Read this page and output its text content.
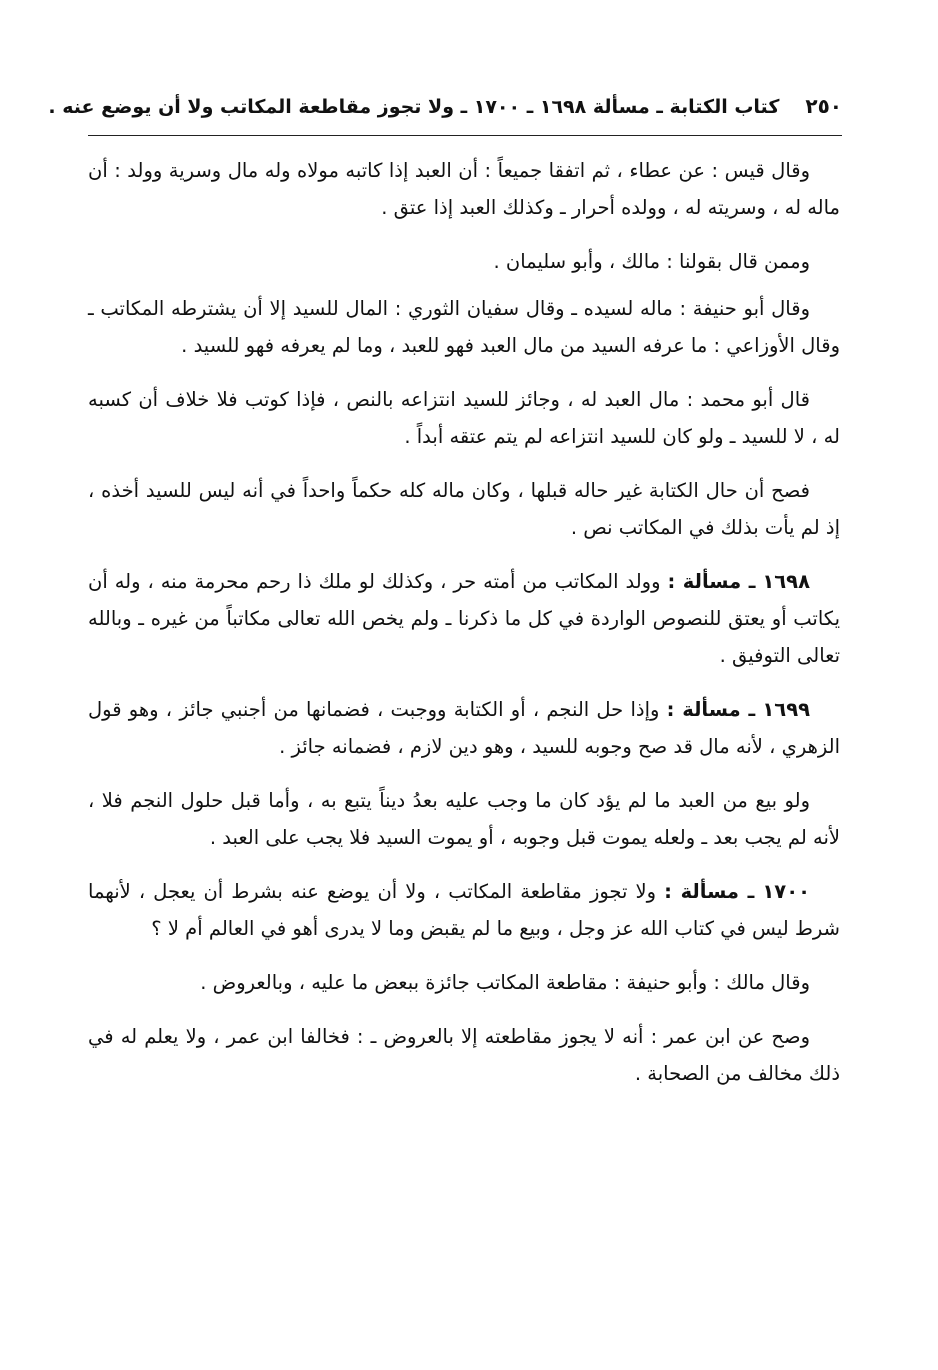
٢٥٠
كتاب الكتابة ـ مسألة ١٦٩٨ ـ ١٧٠٠ ـ ولا تجوز مقاطعة المكاتب ولا أن يوضع عنه .

وقال قيس : عن عطاء ، ثم اتفقا جميعاً : أن العبد إذا كاتبه مولاه وله مال وسرية وولد : أن ماله له ، وسريته له ، وولده أحرار ـ وكذلك العبد إذا عتق .

وممن قال بقولنا : مالك ، وأبو سليمان .

وقال أبو حنيفة : ماله لسيده ـ وقال سفيان الثوري : المال للسيد إلا أن يشترطه المكاتب ـ وقال الأوزاعي : ما عرفه السيد من مال العبد فهو للعبد ، وما لم يعرفه فهو للسيد .

قال أبو محمد : مال العبد له ، وجائز للسيد انتزاعه بالنص ، فإذا كوتب فلا خلاف أن كسبه له ، لا للسيد ـ ولو كان للسيد انتزاعه لم يتم عتقه أبداً .

فصح أن حال الكتابة غير حاله قبلها ، وكان ماله كله حكماً واحداً في أنه ليس للسيد أخذه ، إذ لم يأت بذلك في المكاتب نص .

١٦٩٨ ـ مسألة : وولد المكاتب من أمته حر ، وكذلك لو ملك ذا رحم محرمة منه ، وله أن يكاتب أو يعتق للنصوص الواردة في كل ما ذكرنا ـ ولم يخص الله تعالى مكاتباً من غيره ـ وبالله تعالى التوفيق .

١٦٩٩ ـ مسألة : وإذا حل النجم ، أو الكتابة ووجبت ، فضمانها من أجنبي جائز ، وهو قول الزهري ، لأنه مال قد صح وجوبه للسيد ، وهو دين لازم ، فضمانه جائز .

ولو بيع من العبد ما لم يؤد كان ما وجب عليه بعدُ ديناً يتبع به ، وأما قبل حلول النجم فلا ، لأنه لم يجب بعد ـ ولعله يموت قبل وجوبه ، أو يموت السيد فلا يجب على العبد .

١٧٠٠ ـ مسألة : ولا تجوز مقاطعة المكاتب ، ولا أن يوضع عنه بشرط أن يعجل ، لأنهما شرط ليس في كتاب الله عز وجل ، وبيع ما لم يقبض وما لا يدرى أهو في العالم أم لا ؟

وقال مالك : وأبو حنيفة : مقاطعة المكاتب جائزة ببعض ما عليه ، وبالعروض .

وصح عن ابن عمر : أنه لا يجوز مقاطعته إلا بالعروض ـ : فخالفا ابن عمر ، ولا يعلم له في ذلك مخالف من الصحابة .
